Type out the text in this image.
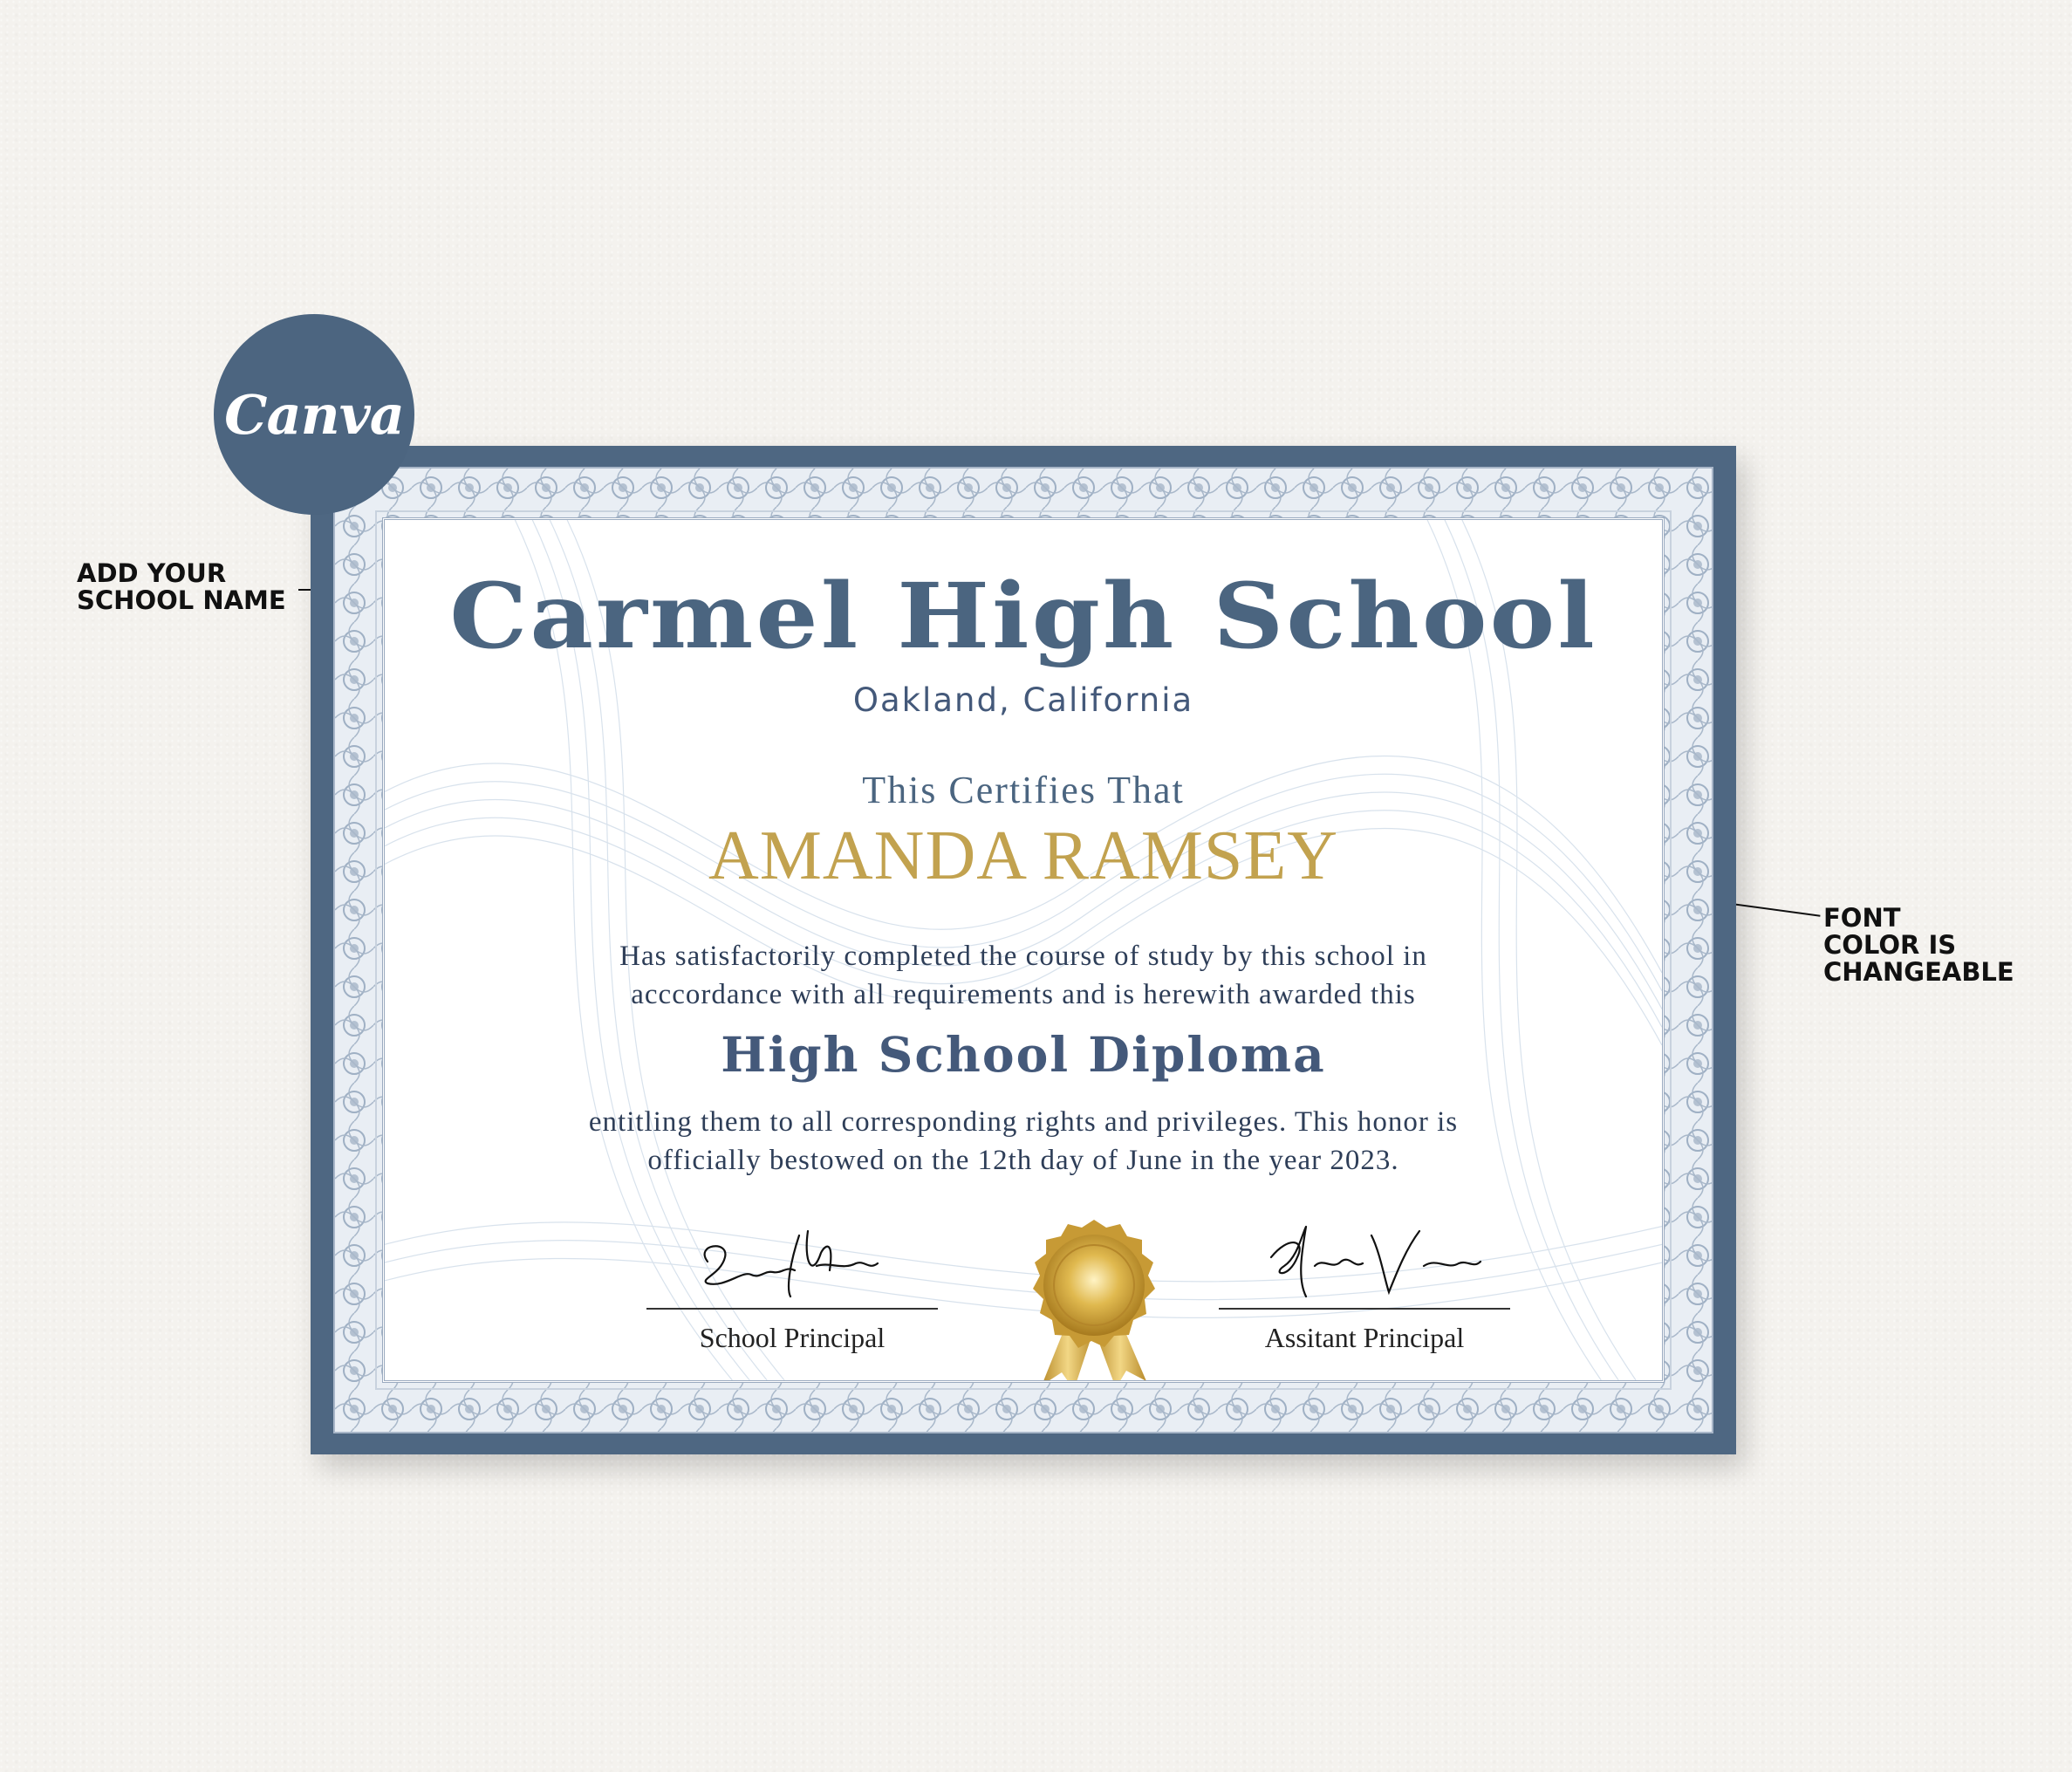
Canva
ADD YOUR
SCHOOL NAME
FONT
COLOR IS
CHANGEABLE
Carmel High School
Oakland, California
This Certifies That
AMANDA RAMSEY
Has satisfactorily completed the course of study by this school in
acccordance with all requirements and is herewith awarded this
High School Diploma
entitling them to all corresponding rights and privileges. This honor is
officially bestowed on the 12th day of June in the year 2023.
School Principal	Assitant Principal
